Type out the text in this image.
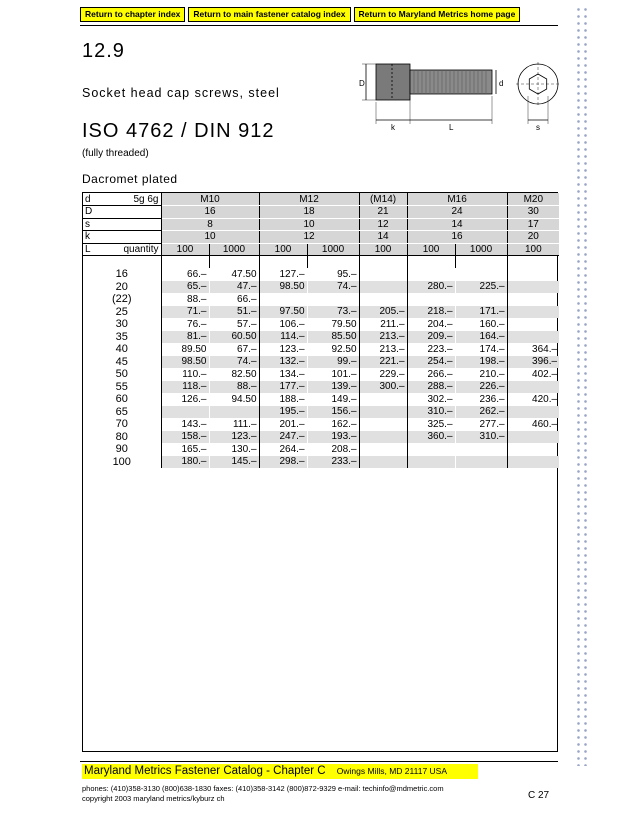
Return to chapter index	Return to main fastener catalog index	Return to Maryland Metrics home page
12.9
Socket head cap screws, steel
ISO 4762 / DIN 912
(fully threaded)
Dacromet plated
D	d
k	L	s
d 5g 6g	M10		M12		(M14)	M16		M20
D	16		18		21	24		30
s	8		10		12	14		17
k	10		12		14	16		20

L quantity	100	1000	100	1000	100	100	1000	100

16	66.–	47.50	127.–	95.–				
20	65.–	47.–	98.50	74.–		280.–	225.–	
(22)	88.–	66.–						
25	71.–	51.–	97.50	73.–	205.–	218.–	171.–	
30	76.–	57.–	106.–	79.50	211.–	204.–	160.–	
35	81.–	60.50	114.–	85.50	213.–	209.–	164.–	
40	89.50	67.–	123.–	92.50	213.–	223.–	174.–	364.–
45	98.50	74.–	132.–	99.–	221.–	254.–	198.–	396.–
50	110.–	82.50	134.–	101.–	229.–	266.–	210.–	402.–
55	118.–	88.–	177.–	139.–	300.–	288.–	226.–	
60	126.–	94.50	188.–	149.–		302.–	236.–	420.–
65			195.–	156.–		310.–	262.–	
70	143.–	111.–	201.–	162.–		325.–	277.–	460.–
80	158.–	123.–	247.–	193.–		360.–	310.–	
90	165.–	130.–	264.–	208.–				
100	180.–	145.–	298.–	233.–				
Maryland Metrics Fastener Catalog - Chapter C Owings Mills, MD 21117 USA
phones: (410)358-3130 (800)638-1830 faxes: (410)358-3142 (800)872-9329 e-mail: techinfo@mdmetric.com
copyright 2003 maryland metrics/kyburz ch	C 27
